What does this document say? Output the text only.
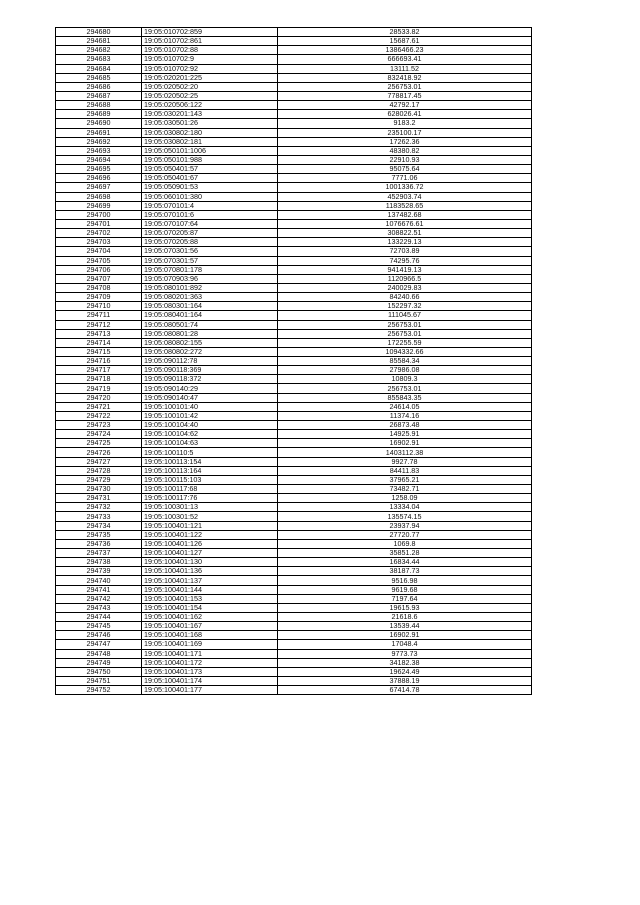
294680	19:05:010702:859	28533.82
294681	19:05:010702:861	15687.61
294682	19:05:010702:88	1386466.23
294683	19:05:010702:9	666693.41
294684	19:05:010702:92	13111.52
294685	19:05:020201:225	832418.92
294686	19:05:020502:20	256753.01
294687	19:05:020502:25	778817.45
294688	19:05:020506:122	42792.17
294689	19:05:030201:143	628026.41
294690	19:05:030501:26	9183.2
294691	19:05:030802:180	235100.17
294692	19:05:030802:181	17262.36
294693	19:05:050101:1006	48380.82
294694	19:05:050101:988	22910.93
294695	19:05:050401:57	95075.64
294696	19:05:050401:67	7771.06
294697	19:05:050901:53	1001336.72
294698	19:05:060101:380	452903.74
294699	19:05:070101:4	1183528.65
294700	19:05:070101:6	137482.68
294701	19:05:070107:64	1076676.61
294702	19:05:070205:87	308822.51
294703	19:05:070205:88	133229.13
294704	19:05:070301:56	72703.89
294705	19:05:070301:57	74295.76
294706	19:05:070801:178	941419.13
294707	19:05:070903:96	1120966.5
294708	19:05:080101:892	240029.83
294709	19:05:080201:363	84240.66
294710	19:05:080301:164	152297.32
294711	19:05:080401:164	111045.67
294712	19:05:080501:74	256753.01
294713	19:05:080801:28	256753.01
294714	19:05:080802:155	172255.59
294715	19:05:080802:272	1094332.66
294716	19:05:090112:78	85584.34
294717	19:05:090118:369	27986.08
294718	19:05:090118:372	10809.3
294719	19:05:090140:29	256753.01
294720	19:05:090140:47	855843.35
294721	19:05:100101:40	24614.05
294722	19:05:100101:42	11374.16
294723	19:05:100104:40	26873.48
294724	19:05:100104:62	14925.91
294725	19:05:100104:63	16902.91
294726	19:05:100110:5	1403112.38
294727	19:05:100113:154	9927.78
294728	19:05:100113:164	84411.83
294729	19:05:100115:103	37965.21
294730	19:05:100117:68	73482.71
294731	19:05:100117:76	1258.09
294732	19:05:100301:13	13334.04
294733	19:05:100301:52	135574.15
294734	19:05:100401:121	23937.94
294735	19:05:100401:122	27720.77
294736	19:05:100401:126	1069.8
294737	19:05:100401:127	35851.28
294738	19:05:100401:130	16834.44
294739	19:05:100401:136	38187.73
294740	19:05:100401:137	9516.98
294741	19:05:100401:144	9619.68
294742	19:05:100401:153	7197.64
294743	19:05:100401:154	19615.93
294744	19:05:100401:162	21618.6
294745	19:05:100401:167	13539.44
294746	19:05:100401:168	16902.91
294747	19:05:100401:169	17048.4
294748	19:05:100401:171	9773.73
294749	19:05:100401:172	34182.38
294750	19:05:100401:173	19624.49
294751	19:05:100401:174	37888.19
294752	19:05:100401:177	67414.78
